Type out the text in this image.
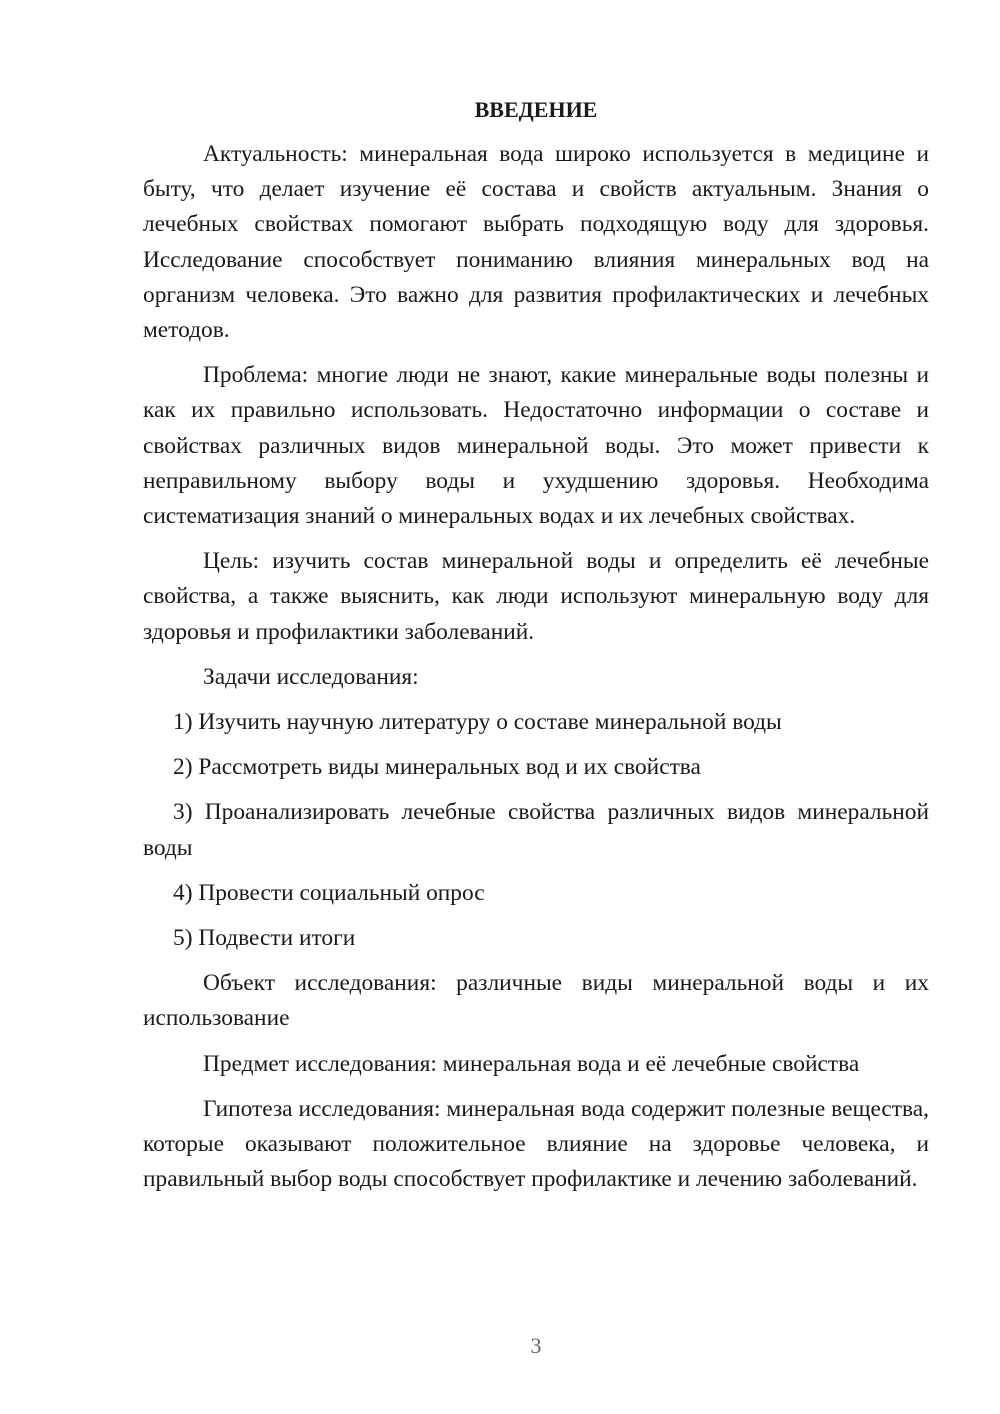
ВВЕДЕНИЕ

Актуальность: минеральная вода широко используется в медицине и быту, что делает изучение её состава и свойств актуальным. Знания о лечебных свойствах помогают выбрать подходящую воду для здоровья. Исследование способствует пониманию влияния минеральных вод на организм человека. Это важно для развития профилактических и лечебных методов.

Проблема: многие люди не знают, какие минеральные воды полезны и как их правильно использовать. Недостаточно информации о составе и свойствах различных видов минеральной воды. Это может привести к неправильному выбору воды и ухудшению здоровья. Необходима систематизация знаний о минеральных водах и их лечебных свойствах.

Цель: изучить состав минеральной воды и определить её лечебные свойства, а также выяснить, как люди используют минеральную воду для здоровья и профилактики заболеваний.

Задачи исследования:

1) Изучить научную литературу о составе минеральной воды

2) Рассмотреть виды минеральных вод и их свойства

3) Проанализировать лечебные свойства различных видов минеральной воды

4) Провести социальный опрос

5) Подвести итоги

Объект исследования: различные виды минеральной воды и их использование

Предмет исследования: минеральная вода и её лечебные свойства

Гипотеза исследования: минеральная вода содержит полезные вещества, которые оказывают положительное влияние на здоровье человека, и правильный выбор воды способствует профилактике и лечению заболеваний.

3
